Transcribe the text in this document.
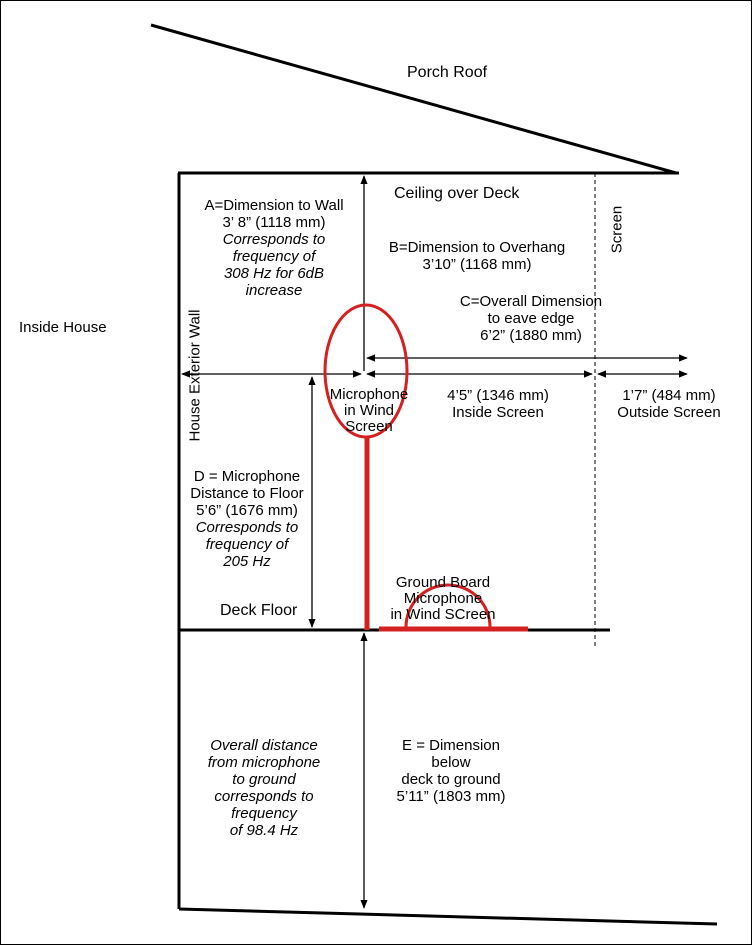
Porch Roof
Ceiling over Deck
Screen
Inside House	House Exterior Wall
A=Dimension to Wall
3’ 8” (1118 mm)
Corresponds to
frequency of
308 Hz for 6dB
increase
B=Dimension to Overhang
3’10” (1168 mm)
C=Overall Dimension
to eave edge
6’2” (1880 mm)
Microphone
in Wind
Screen
4’5” (1346 mm)
Inside Screen
1’7” (484 mm)
Outside Screen
D = Microphone
Distance to Floor
5’6” (1676 mm)
Corresponds to
frequency of
205 Hz
Deck Floor
Ground Board
Microphone
in Wind SCreen
Overall distance
from microphone
to ground
corresponds to
frequency
of 98.4 Hz
E = Dimension
below
deck to ground
5’11” (1803 mm)
